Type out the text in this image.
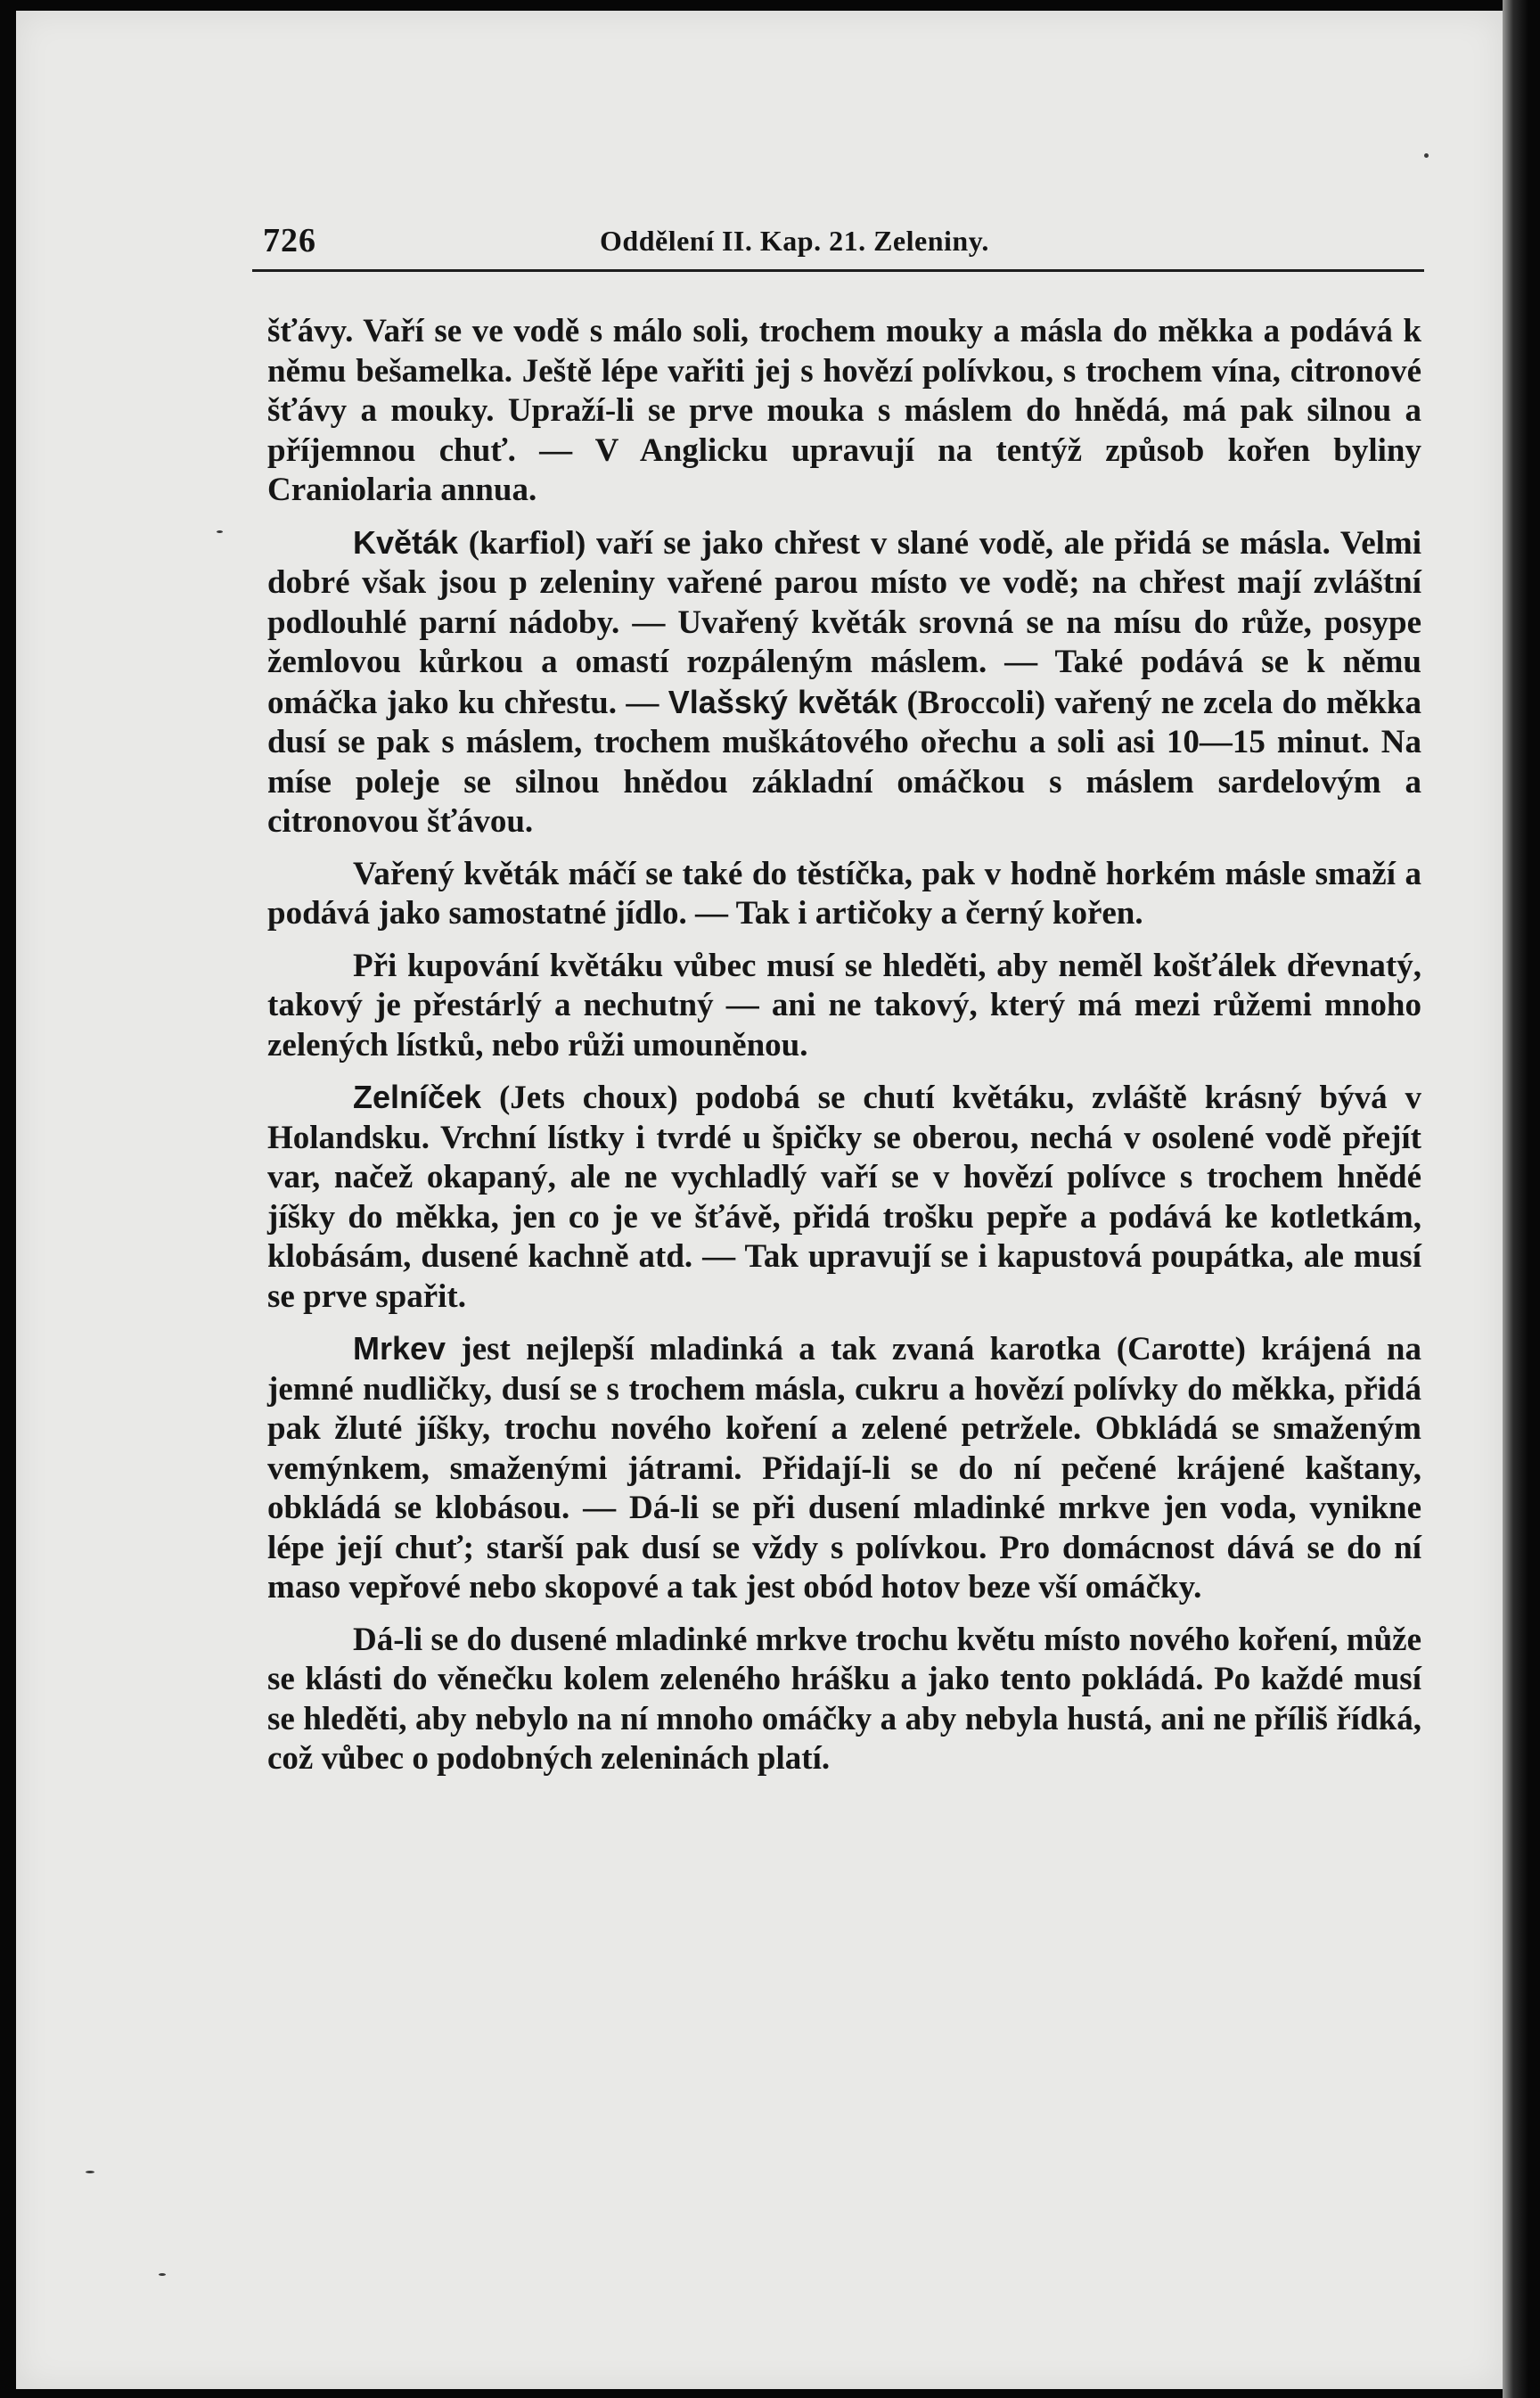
726	Oddělení II. Kap. 21. Zeleniny.

šťávy. Vaří se ve vodě s málo soli, trochem mouky a másla do měkka a podává k němu bešamelka. Ještě lépe vařiti jej s hovězí polívkou, s trochem vína, citronové šťávy a mouky. Upraží-li se prve mouka s máslem do hnědá, má pak silnou a příjemnou chuť. — V Anglicku upravují na tentýž způsob kořen byliny Craniolaria annua.

Květák (karfiol) vaří se jako chřest v slané vodě, ale přidá se másla. Velmi dobré však jsou p zeleniny vařené parou místo ve vodě; na chřest mají zvláštní podlouhlé parní nádoby. — Uvařený květák srovná se na mísu do růže, posype žemlovou kůrkou a omastí rozpáleným máslem. — Také podává se k němu omáčka jako ku chřestu. — Vlašský květák (Broccoli) vařený ne zcela do měkka dusí se pak s máslem, trochem muškátového ořechu a soli asi 10—15 minut. Na míse poleje se silnou hnědou základní omáčkou s máslem sardelovým a citronovou šťávou.

Vařený květák máčí se také do těstíčka, pak v hodně horkém másle smaží a podává jako samostatné jídlo. — Tak i artičoky a černý kořen.

Při kupování květáku vůbec musí se hleděti, aby neměl košťálek dřevnatý, takový je přestárlý a nechutný — ani ne takový, který má mezi růžemi mnoho zelených lístků, nebo růži umouněnou.

Zelníček (Jets choux) podobá se chutí květáku, zvláště krásný bývá v Holandsku. Vrchní lístky i tvrdé u špičky se oberou, nechá v osolené vodě přejít var, načež okapaný, ale ne vychladlý vaří se v hovězí polívce s trochem hnědé jíšky do měkka, jen co je ve šťávě, přidá trošku pepře a podává ke kotletkám, klobásám, dusené kachně atd. — Tak upravují se i kapustová poupátka, ale musí se prve spařit.

Mrkev jest nejlepší mladinká a tak zvaná karotka (Carotte) krájená na jemné nudličky, dusí se s trochem másla, cukru a hovězí polívky do měkka, přidá pak žluté jíšky, trochu nového koření a zelené petržele. Obkládá se smaženým vemýnkem, smaženými játrami. Přidají-li se do ní pečené krájené kaštany, obkládá se klobásou. — Dá-li se při dusení mladinké mrkve jen voda, vynikne lépe její chuť; starší pak dusí se vždy s polívkou. Pro domácnost dává se do ní maso vepřové nebo skopové a tak jest obód hotov beze vší omáčky.

Dá-li se do dusené mladinké mrkve trochu květu místo nového koření, může se klásti do věnečku kolem zeleného hrášku a jako tento pokládá. Po každé musí se hleděti, aby nebylo na ní mnoho omáčky a aby nebyla hustá, ani ne příliš řídká, což vůbec o podobných zeleninách platí.
